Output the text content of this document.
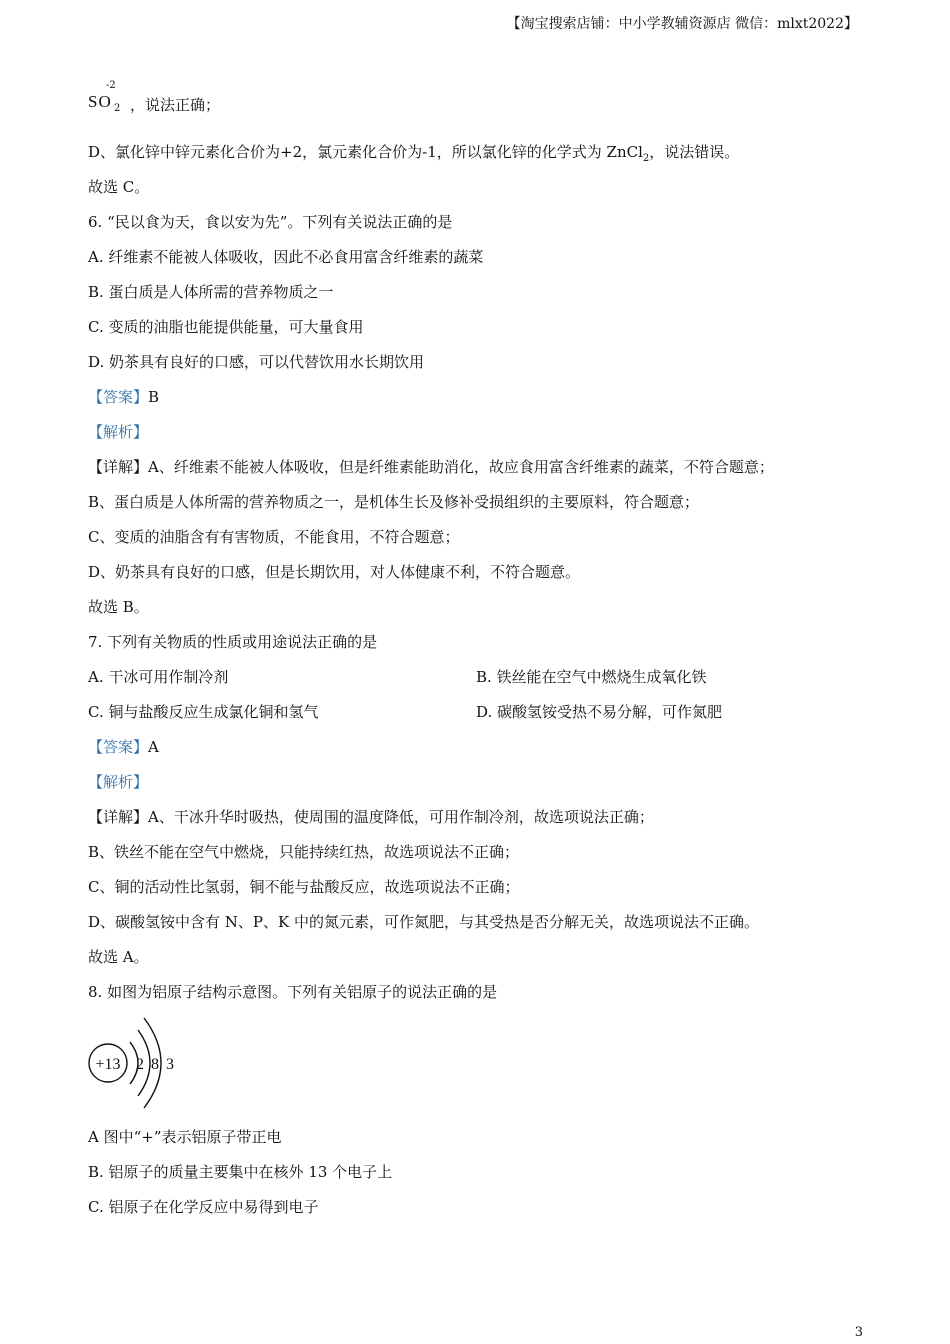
【淘宝搜索店铺：中小学教辅资源店 微信：mlxt2022】
-2
SO 2 ，说法正确；
D、氯化锌中锌元素化合价为+2，氯元素化合价为-1，所以氯化锌的化学式为 ZnCl$_2$，说法错误。
故选 C。
6. “民以食为天，食以安为先”。下列有关说法正确的是
A. 纤维素不能被人体吸收，因此不必食用富含纤维素的蔬菜
B. 蛋白质是人体所需的营养物质之一
C. 变质的油脂也能提供能量，可大量食用
D. 奶茶具有良好的口感，可以代替饮用水长期饮用
【答案】B
【解析】
【详解】A、纤维素不能被人体吸收，但是纤维素能助消化，故应食用富含纤维素的蔬菜，不符合题意；
B、蛋白质是人体所需的营养物质之一，是机体生长及修补受损组织的主要原料，符合题意；
C、变质的油脂含有有害物质，不能食用，不符合题意；
D、奶茶具有良好的口感，但是长期饮用，对人体健康不利，不符合题意。
故选 B。
7. 下列有关物质的性质或用途说法正确的是
A. 干冰可用作制冷剂	B. 铁丝能在空气中燃烧生成氧化铁
C. 铜与盐酸反应生成氯化铜和氢气	D. 碳酸氢铵受热不易分解，可作氮肥
【答案】A
【解析】
【详解】A、干冰升华时吸热，使周围的温度降低，可用作制冷剂，故选项说法正确；
B、铁丝不能在空气中燃烧，只能持续红热，故选项说法不正确；
C、铜的活动性比氢弱，铜不能与盐酸反应，故选项说法不正确；
D、碳酸氢铵中含有 N、P、K 中的氮元素，可作氮肥，与其受热是否分解无关，故选项说法不正确。
故选 A。
8. 如图为铝原子结构示意图。下列有关铝原子的说法正确的是
+13 2 8 3
A 图中“+”表示铝原子带正电
B. 铝原子的质量主要集中在核外 13 个电子上
C. 铝原子在化学反应中易得到电子
3
